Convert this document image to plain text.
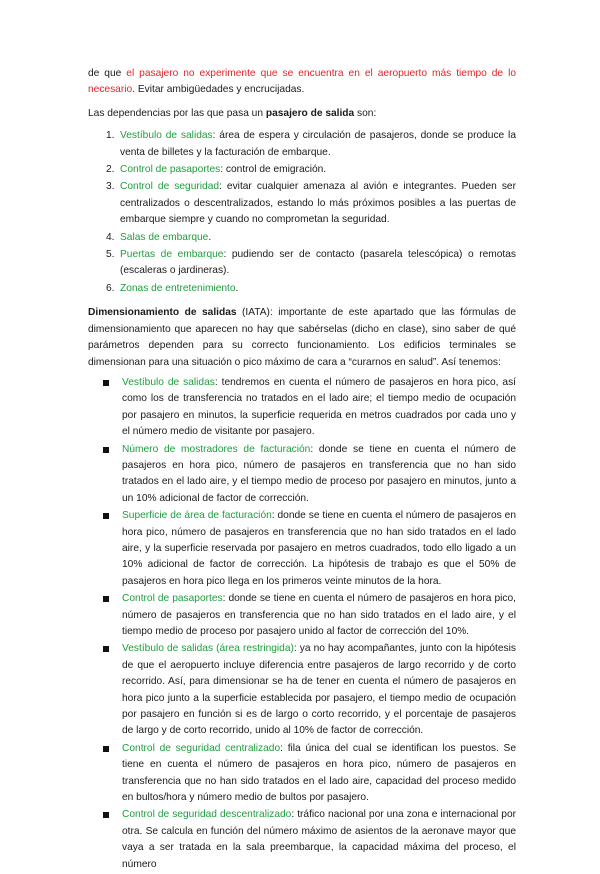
de que el pasajero no experimente que se encuentra en el aeropuerto más tiempo de lo necesario. Evitar ambigüedades y encrucijadas.

Las dependencias por las que pasa un pasajero de salida son:

1. Vestíbulo de salidas: área de espera y circulación de pasajeros, donde se produce la venta de billetes y la facturación de embarque.
2. Control de pasaportes: control de emigración.
3. Control de seguridad: evitar cualquier amenaza al avión e integrantes. Pueden ser centralizados o descentralizados, estando lo más próximos posibles a las puertas de embarque siempre y cuando no comprometan la seguridad.
4. Salas de embarque.
5. Puertas de embarque: pudiendo ser de contacto (pasarela telescópica) o remotas (escaleras o jardineras).
6. Zonas de entretenimiento.

Dimensionamiento de salidas (IATA): importante de este apartado que las fórmulas de dimensionamiento que aparecen no hay que sabérselas (dicho en clase), sino saber de qué parámetros dependen para su correcto funcionamiento. Los edificios terminales se dimensionan para una situación o pico máximo de cara a “curarnos en salud”. Así tenemos:

Vestíbulo de salidas: tendremos en cuenta el número de pasajeros en hora pico, así como los de transferencia no tratados en el lado aire; el tiempo medio de ocupación por pasajero en minutos, la superficie requerida en metros cuadrados por cada uno y el número medio de visitante por pasajero.
Número de mostradores de facturación: donde se tiene en cuenta el número de pasajeros en hora pico, número de pasajeros en transferencia que no han sido tratados en el lado aire, y el tiempo medio de proceso por pasajero en minutos, junto a un 10% adicional de factor de corrección.
Superficie de área de facturación: donde se tiene en cuenta el número de pasajeros en hora pico, número de pasajeros en transferencia que no han sido tratados en el lado aire, y la superficie reservada por pasajero en metros cuadrados, todo ello ligado a un 10% adicional de factor de corrección. La hipótesis de trabajo es que el 50% de pasajeros en hora pico llega en los primeros veinte minutos de la hora.
Control de pasaportes: donde se tiene en cuenta el número de pasajeros en hora pico, número de pasajeros en transferencia que no han sido tratados en el lado aire, y el tiempo medio de proceso por pasajero unido al factor de corrección del 10%.
Vestíbulo de salidas (área restringida): ya no hay acompañantes, junto con la hipótesis de que el aeropuerto incluye diferencia entre pasajeros de largo recorrido y de corto recorrido. Así, para dimensionar se ha de tener en cuenta el número de pasajeros en hora pico junto a la superficie establecida por pasajero, el tiempo medio de ocupación por pasajero en función si es de largo o corto recorrido, y el porcentaje de pasajeros de largo y de corto recorrido, unido al 10% de factor de corrección.
Control de seguridad centralizado: fila única del cual se identifican los puestos. Se tiene en cuenta el número de pasajeros en hora pico, número de pasajeros en transferencia que no han sido tratados en el lado aire, capacidad del proceso medido en bultos/hora y número medio de bultos por pasajero.
Control de seguridad descentralizado: tráfico nacional por una zona e internacional por otra. Se calcula en función del número máximo de asientos de la aeronave mayor que vaya a ser tratada en la sala preembarque, la capacidad máxima del proceso, el número
